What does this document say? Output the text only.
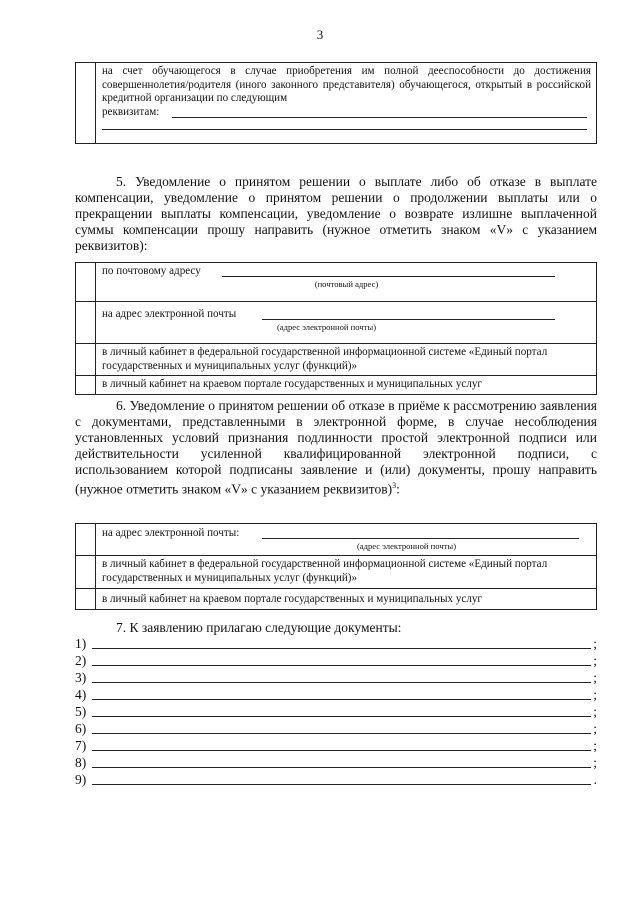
3

на счет обучающегося в случае приобретения им полной дееспособности до достижения совершеннолетия/родителя (иного законного представителя) обучающегося, открытый в российской кредитной организации по следующим
реквизитам:
5. Уведомление о принятом решении о выплате либо об отказе в выплате компенсации, уведомление о принятом решении о продолжении выплаты или о прекращении выплаты компенсации, уведомление о возврате излишне выплаченной суммы компенсации прошу направить (нужное отметить знаком «V» с указанием реквизитов):

	по почтовому адресу
(почтовый адрес)

	на адрес электронной почты
(адрес электронной почты)

	в личный кабинет в федеральной государственной информационной системе «Единый портал государственных и муниципальных услуг (функций)»
	в личный кабинет на краевом портале государственных и муниципальных услуг
6. Уведомление о принятом решении об отказе в приёме к рассмотрению заявления с документами, представленными в электронной форме, в случае несоблюдения установленных условий признания подлинности простой электронной подписи или действительности усиленной квалифицированной электронной подписи, с использованием которой подписаны заявление и (или) документы, прошу направить (нужное отметить знаком «V» с указанием реквизитов)$^3$:

	на адрес электронной почты:
(адрес электронной почты)

	в личный кабинет в федеральной государственной информационной системе «Единый портал государственных и муниципальных услуг (функций)»
	в личный кабинет на краевом портале государственных и муниципальных услуг
7. К заявлению прилагаю следующие документы:
1)	;
2)	;
3)	;
4)	;
5)	;
6)	;
7)	;
8)	;
9)	.
